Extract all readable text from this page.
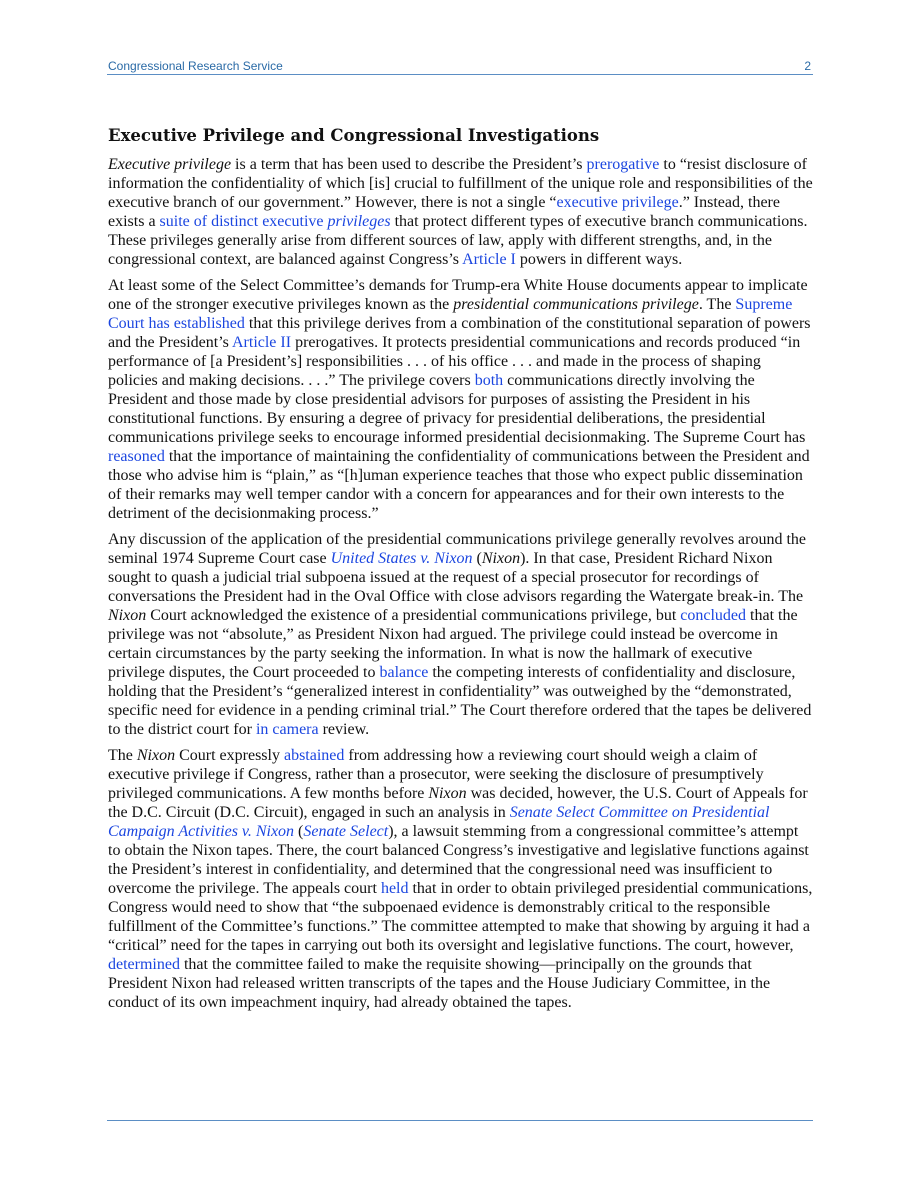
Congressional Research Service	2
Executive Privilege and Congressional Investigations

Executive privilege is a term that has been used to describe the President’s prerogative to “resist disclosure of information the confidentiality of which [is] crucial to fulfillment of the unique role and responsibilities of the executive branch of our government.” However, there is not a single “executive privilege.” Instead, there exists a suite of distinct executive privileges that protect different types of executive branch communications. These privileges generally arise from different sources of law, apply with different strengths, and, in the congressional context, are balanced against Congress’s Article I powers in different ways.

At least some of the Select Committee’s demands for Trump-era White House documents appear to implicate one of the stronger executive privileges known as the presidential communications privilege. The Supreme Court has established that this privilege derives from a combination of the constitutional separation of powers and the President’s Article II prerogatives. It protects presidential communications and records produced “in performance of [a President’s] responsibilities . . . of his office . . . and made in the process of shaping policies and making decisions. . . .” The privilege covers both communications directly involving the President and those made by close presidential advisors for purposes of assisting the President in his constitutional functions. By ensuring a degree of privacy for presidential deliberations, the presidential communications privilege seeks to encourage informed presidential decisionmaking. The Supreme Court has reasoned that the importance of maintaining the confidentiality of communications between the President and those who advise him is “plain,” as “[h]uman experience teaches that those who expect public dissemination of their remarks may well temper candor with a concern for appearances and for their own interests to the detriment of the decisionmaking process.”

Any discussion of the application of the presidential communications privilege generally revolves around the seminal 1974 Supreme Court case United States v. Nixon (Nixon). In that case, President Richard Nixon sought to quash a judicial trial subpoena issued at the request of a special prosecutor for recordings of conversations the President had in the Oval Office with close advisors regarding the Watergate break-in. The Nixon Court acknowledged the existence of a presidential communications privilege, but concluded that the privilege was not “absolute,” as President Nixon had argued. The privilege could instead be overcome in certain circumstances by the party seeking the information. In what is now the hallmark of executive privilege disputes, the Court proceeded to balance the competing interests of confidentiality and disclosure, holding that the President’s “generalized interest in confidentiality” was outweighed by the “demonstrated, specific need for evidence in a pending criminal trial.” The Court therefore ordered that the tapes be delivered to the district court for in camera review.

The Nixon Court expressly abstained from addressing how a reviewing court should weigh a claim of executive privilege if Congress, rather than a prosecutor, were seeking the disclosure of presumptively privileged communications. A few months before Nixon was decided, however, the U.S. Court of Appeals for the D.C. Circuit (D.C. Circuit), engaged in such an analysis in Senate Select Committee on Presidential Campaign Activities v. Nixon (Senate Select), a lawsuit stemming from a congressional committee’s attempt to obtain the Nixon tapes. There, the court balanced Congress’s investigative and legislative functions against the President’s interest in confidentiality, and determined that the congressional need was insufficient to overcome the privilege. The appeals court held that in order to obtain privileged presidential communications, Congress would need to show that “the subpoenaed evidence is demonstrably critical to the responsible fulfillment of the Committee’s functions.” The committee attempted to make that showing by arguing it had a “critical” need for the tapes in carrying out both its oversight and legislative functions. The court, however, determined that the committee failed to make the requisite showing—principally on the grounds that President Nixon had released written transcripts of the tapes and the House Judiciary Committee, in the conduct of its own impeachment inquiry, had already obtained the tapes.
